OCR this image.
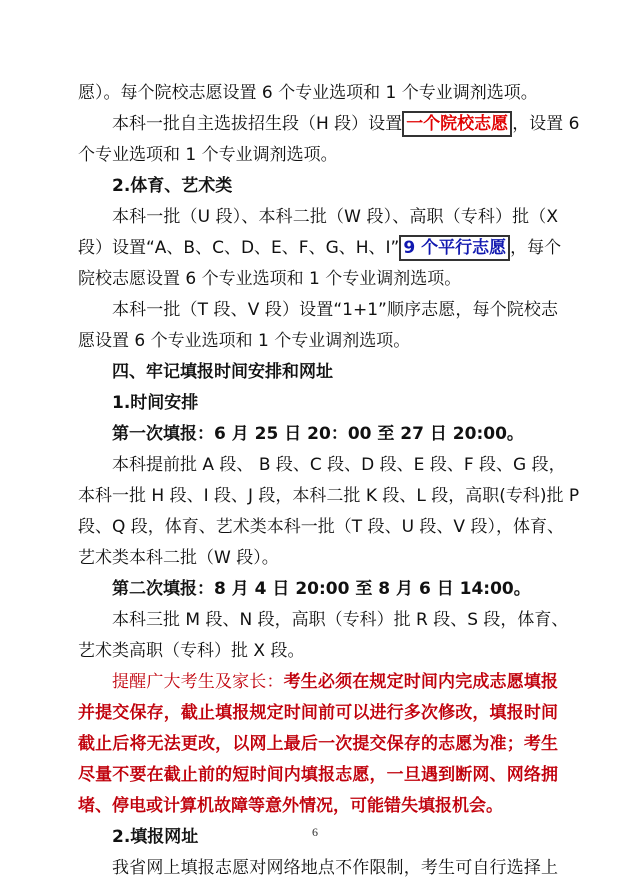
愿）。每个院校志愿设置 6 个专业选项和 1 个专业调剂选项。
本科一批自主选拔招生段（H 段）设置 一个院校志愿 ，设置 6
个专业选项和 1 个专业调剂选项。
2.体育、艺术类
本科一批（U 段）、本科二批（W 段）、高职（专科）批（X
段）设置“A、B、C、D、E、F、G、H、I” 9 个平行志愿 ，每个
院校志愿设置 6 个专业选项和 1 个专业调剂选项。
本科一批（T 段、V 段）设置“1+1”顺序志愿，每个院校志
愿设置 6 个专业选项和 1 个专业调剂选项。
四、牢记填报时间安排和网址
1.时间安排
第一次填报：6 月 25 日 20：00 至 27 日 20:00。
本科提前批 A 段、 B 段、C 段、D 段、E 段、F 段、G 段，
本科一批 H 段、I 段、J 段，本科二批 K 段、L 段，高职(专科)批 P
段、Q 段，体育、艺术类本科一批（T 段、U 段、V 段），体育、
艺术类本科二批（W 段）。
第二次填报：8 月 4 日 20:00 至 8 月 6 日 14:00。
本科三批 M 段、N 段，高职（专科）批 R 段、S 段，体育、
艺术类高职（专科）批 X 段。
提醒广大考生及家长：考生必须在规定时间内完成志愿填报
并提交保存，截止填报规定时间前可以进行多次修改，填报时间
截止后将无法更改，以网上最后一次提交保存的志愿为准；考生
尽量不要在截止前的短时间内填报志愿，一旦遇到断网、网络拥
堵、停电或计算机故障等意外情况，可能错失填报机会。
2.填报网址
我省网上填报志愿对网络地点不作限制，考生可自行选择上
6
